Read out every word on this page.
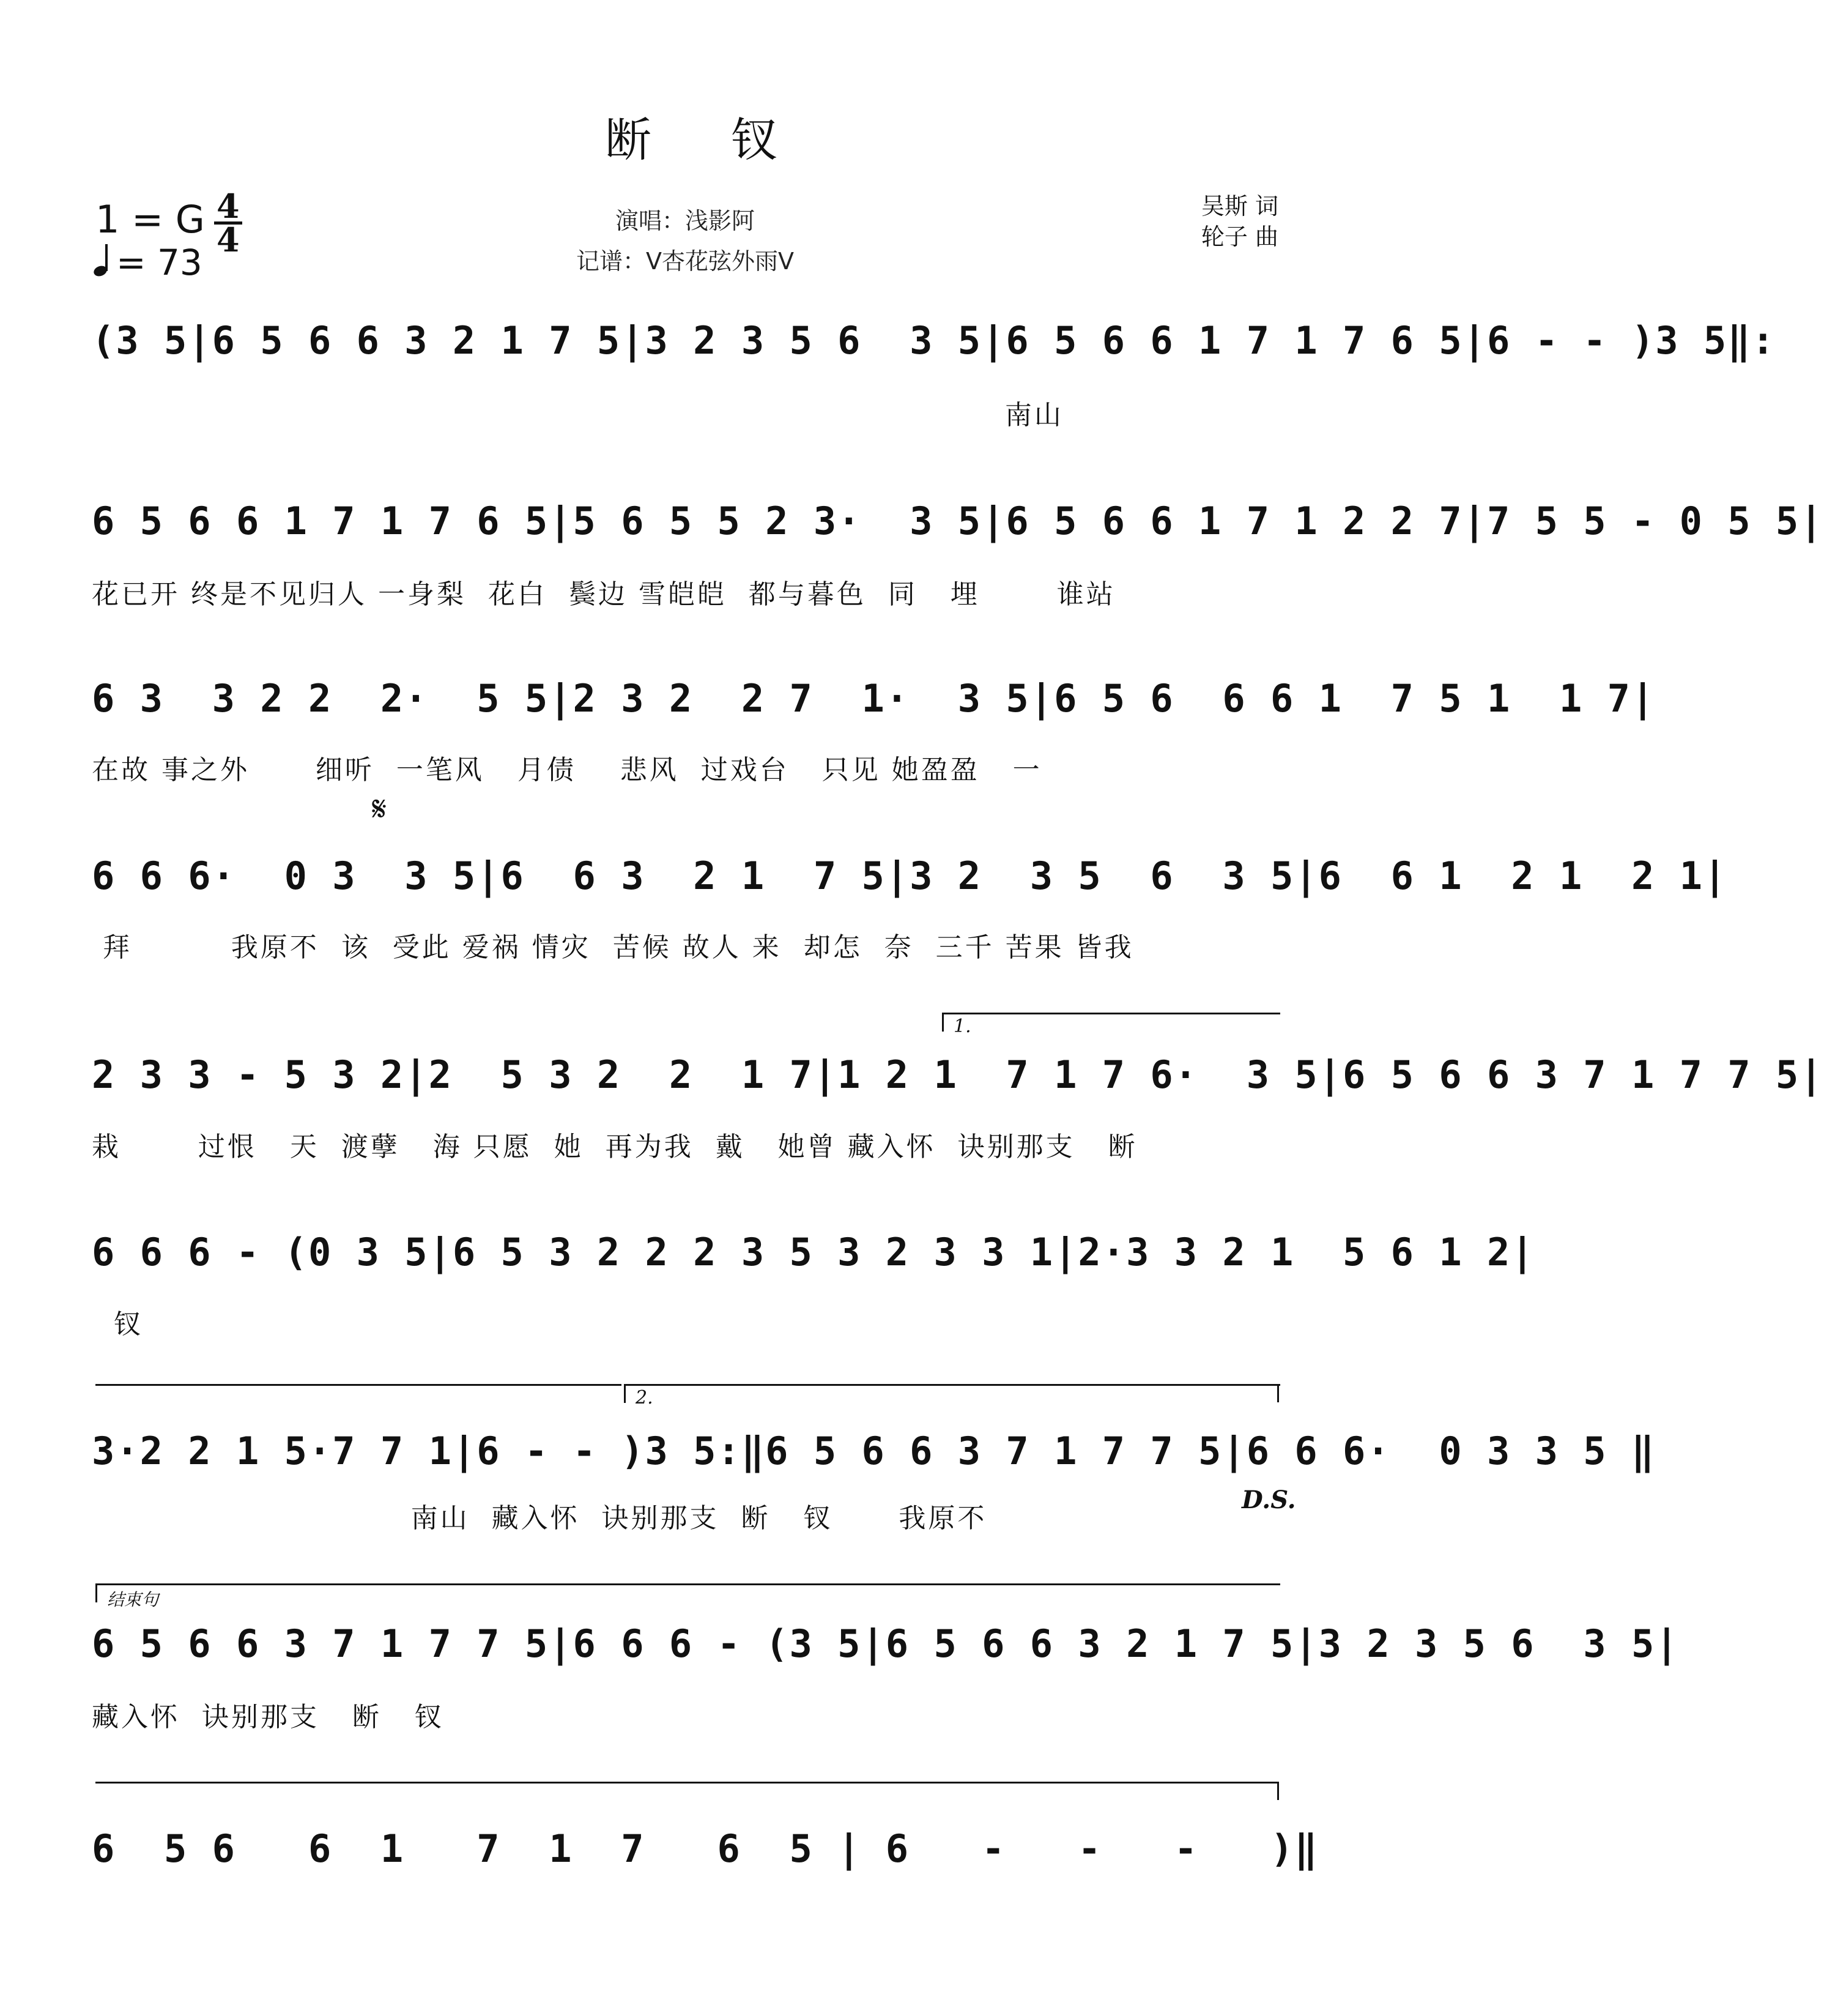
断钗
1 = G $\frac{4}{4}$
= 73
演唱：浅影阿
记谱：V杏花弦外雨V
吴斯 词
轮子 曲
(3 5|6 5 6 6 3 2 1 7 5|3 2 3 5 6  3 5|6 5 6 6 1 7 1 7 6 5|6 - - )3 5‖:
南山
6 5 6 6 1 7 1 7 6 5|5 6 5 5 2 3·  3 5|6 5 6 6 1 7 1 2 2 7|7 5 5 - 0 5 5|
花已开 终是不见归人 一身梨  花白  鬓边 雪皑皑  都与暮色  同   埋       谁站
6 3  3 2 2  2·  5 5|2 3 2  2 7  1·  3 5|6 5 6  6 6 1  7 5 1  1 7|
在故 事之外      细听  一笔风   月债    悲风  过戏台   只见 她盈盈   一
𝄋
6 6 6·  0 3  3 5|6  6 3  2 1  7 5|3 2  3 5  6  3 5|6  6 1  2 1  2 1|
拜         我原不  该  受此 爱祸 情灾  苦候 故人 来  却怎  奈  三千 苦果 皆我
1.
2 3 3 - 5 3 2|2  5 3 2  2  1 7|1 2 1  7 1 7 6·  3 5|6 5 6 6 3 7 1 7 7 5|
栽       过恨   天  渡孽   海 只愿  她  再为我  戴   她曾 藏入怀  诀别那支   断
6 6 6 - (0 3 5|6 5 3 2 2 2 3 5 3 2 3 3 1|2·3 3 2 1  5 6 1 2|
钗
2.
3·2 2 1 5·7 7 1|6 - - )3 5:‖6 5 6 6 3 7 1 7 7 5|6 6 6·  0 3 3 5 ‖
南山  藏入怀  诀别那支  断   钗      我原不
D.S.
结束句
6 5 6 6 3 7 1 7 7 5|6 6 6 - (3 5|6 5 6 6 3 2 1 7 5|3 2 3 5 6  3 5|
藏入怀  诀别那支   断   钗
6  5 6   6  1   7  1  7   6  5 | 6   -   -   -   )‖
